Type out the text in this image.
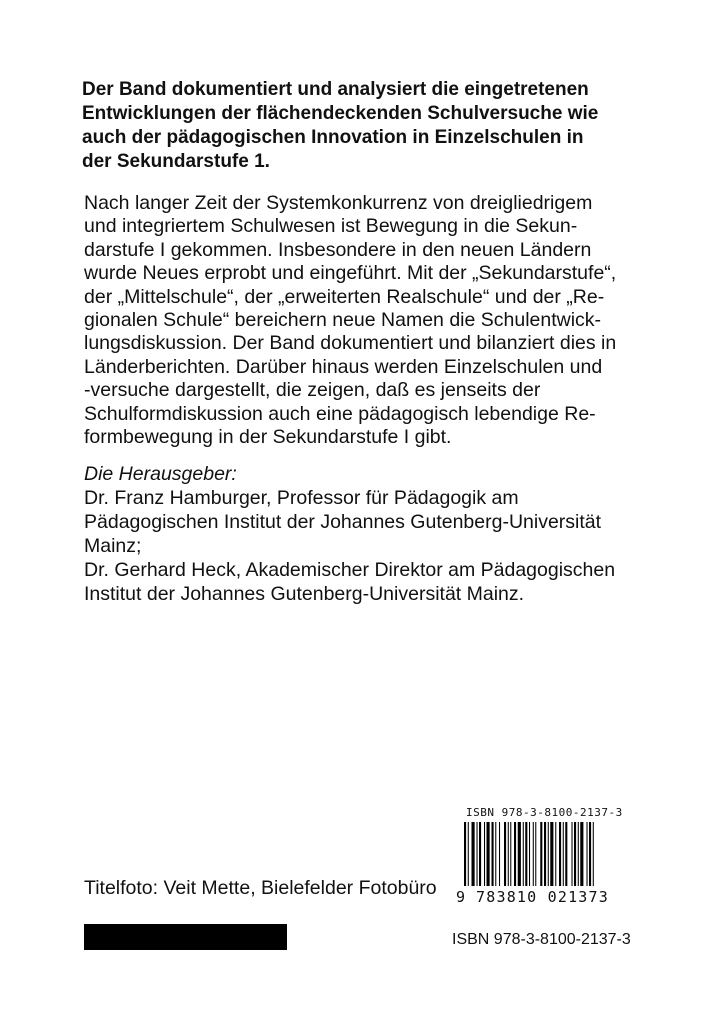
Der Band dokumentiert und analysiert die eingetretenen
Entwicklungen der flächendeckenden Schulversuche wie
auch der pädagogischen Innovation in Einzelschulen in
der Sekundarstufe 1.

Nach langer Zeit der Systemkonkurrenz von dreigliedrigem
und integriertem Schulwesen ist Bewegung in die Sekun-
darstufe I gekommen. Insbesondere in den neuen Ländern
wurde Neues erprobt und eingeführt. Mit der „Sekundarstufe“,
der „Mittelschule“, der „erweiterten Realschule“ und der „Re-
gionalen Schule“ bereichern neue Namen die Schulentwick-
lungsdiskussion. Der Band dokumentiert und bilanziert dies in
Länderberichten. Darüber hinaus werden Einzelschulen und
-versuche dargestellt, die zeigen, daß es jenseits der
Schulformdiskussion auch eine pädagogisch lebendige Re-
formbewegung in der Sekundarstufe I gibt.

Die Herausgeber:
Dr. Franz Hamburger, Professor für Pädagogik am
Pädagogischen Institut der Johannes Gutenberg-Universität
Mainz;
Dr. Gerhard Heck, Akademischer Direktor am Pädagogischen
Institut der Johannes Gutenberg-Universität Mainz.

ISBN 978-3-8100-2137-3
9 783810 021373
Titelfoto: Veit Mette, Bielefelder Fotobüro
ISBN 978-3-8100-2137-3
